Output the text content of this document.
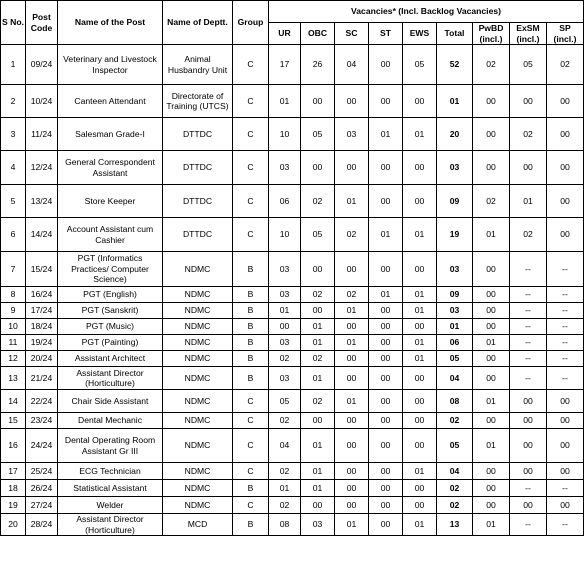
S No.	Post Code	Name of the Post	Name of Deptt.	Group	Vacancies* (Incl. Backlog Vacancies)								
					UR	OBC	SC	ST	EWS	Total	PwBD (incl.)	ExSM (incl.)	SP (incl.)
1	09/24	Veterinary and Livestock Inspector	Animal Husbandry Unit	C	17	26	04	00	05	52	02	05	02
2	10/24	Canteen Attendant	Directorate of Training (UTCS)	C	01	00	00	00	00	01	00	00	00
3	11/24	Salesman Grade-I	DTTDC	C	10	05	03	01	01	20	00	02	00
4	12/24	General Correspondent Assistant	DTTDC	C	03	00	00	00	00	03	00	00	00
5	13/24	Store Keeper	DTTDC	C	06	02	01	00	00	09	02	01	00
6	14/24	Account Assistant cum Cashier	DTTDC	C	10	05	02	01	01	19	01	02	00
7	15/24	PGT (Informatics Practices/ Computer Science)	NDMC	B	03	00	00	00	00	03	00	--	--
8	16/24	PGT (English)	NDMC	B	03	02	02	01	01	09	00	--	--
9	17/24	PGT (Sanskrit)	NDMC	B	01	00	01	00	01	03	00	--	--
10	18/24	PGT (Music)	NDMC	B	00	01	00	00	00	01	00	--	--
11	19/24	PGT (Painting)	NDMC	B	03	01	01	00	01	06	01	--	--
12	20/24	Assistant Architect	NDMC	B	02	02	00	00	01	05	00	--	--
13	21/24	Assistant Director (Horticulture)	NDMC	B	03	01	00	00	00	04	00	--	--
14	22/24	Chair Side Assistant	NDMC	C	05	02	01	00	00	08	01	00	00
15	23/24	Dental Mechanic	NDMC	C	02	00	00	00	00	02	00	00	00
16	24/24	Dental Operating Room Assistant Gr III	NDMC	C	04	01	00	00	00	05	01	00	00
17	25/24	ECG Technician	NDMC	C	02	01	00	00	01	04	00	00	00
18	26/24	Statistical Assistant	NDMC	B	01	01	00	00	00	02	00	--	--
19	27/24	Welder	NDMC	C	02	00	00	00	00	02	00	00	00
20	28/24	Assistant Director (Horticulture)	MCD	B	08	03	01	00	01	13	01	--	--
